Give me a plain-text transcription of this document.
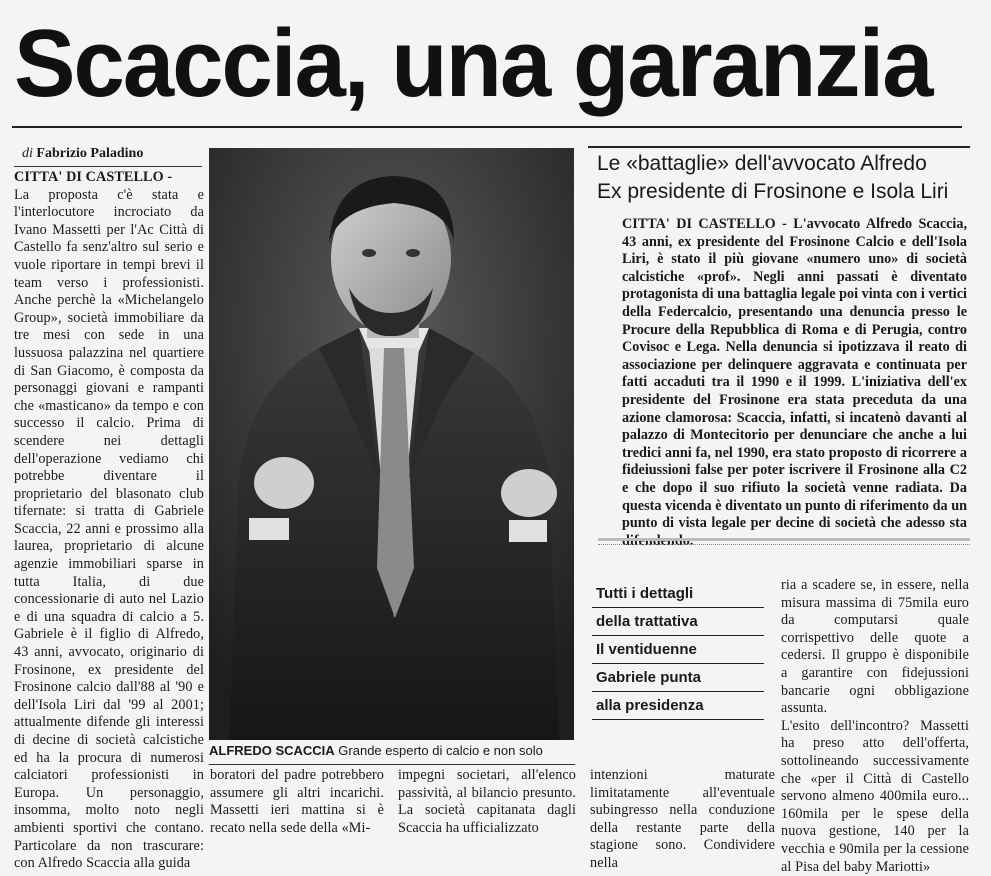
Scaccia, una garanzia
di Fabrizio Paladino
CITTA' DI CASTELLO -
La proposta c'è stata e l'interlocutore incrociato da Ivano Massetti per l'Ac Città di Castello fa senz'altro sul serio e vuole riportare in tempi brevi il team verso i professionisti. Anche perchè la «Michelangelo Group», società immobiliare da tre mesi con sede in una lussuosa palazzina nel quartiere di San Giacomo, è composta da personaggi giovani e rampanti che «masticano» da tempo e con successo il calcio. Prima di scendere nei dettagli dell'operazione vediamo chi potrebbe diventare il proprietario del blasonato club tifernate: si tratta di Gabriele Scaccia, 22 anni e prossimo alla laurea, proprietario di alcune agenzie immobiliari sparse in tutta Italia, di due concessionarie di auto nel Lazio e di una squadra di calcio a 5. Gabriele è il figlio di Alfredo, 43 anni, avvocato, originario di Frosinone, ex presidente del Frosinone calcio dall'88 al '90 e dell'Isola Liri dal '99 al 2001; attualmente difende gli interessi di decine di società calcistiche ed ha la procura di numerosi calciatori professionisti in Europa. Un personaggio, insomma, molto noto negli ambienti sportivi che contano. Particolare da non trascurare: con Alfredo Scaccia alla guida
ALFREDO SCACCIA Grande esperto di calcio e non solo
boratori del padre potrebbero assumere gli altri incarichi. Massetti ieri mattina si è recato nella sede della «Mi-
impegni societari, all'elenco passività, al bilancio presunto. La società capitanata dagli Scaccia ha ufficializzato
Le «battaglie» dell'avvocato Alfredo
Ex presidente di Frosinone e Isola Liri
CITTA' DI CASTELLO - L'avvocato Alfredo Scaccia, 43 anni, ex presidente del Frosinone Calcio e dell'Isola Liri, è stato il più giovane «numero uno» di società calcistiche «prof». Negli anni passati è diventato protagonista di una battaglia legale poi vinta con i vertici della Federcalcio, presentando una denuncia presso le Procure della Repubblica di Roma e di Perugia, contro Covisoc e Lega. Nella denuncia si ipotizzava il reato di associazione per delinquere aggravata e continuata per fatti accaduti tra il 1990 e il 1999. L'iniziativa dell'ex presidente del Frosinone era stata preceduta da una azione clamorosa: Scaccia, infatti, si incatenò davanti al palazzo di Montecitorio per denunciare che anche a lui tredici anni fa, nel 1990, era stato proposto di ricorrere a fideiussioni false per poter iscrivere il Frosinone alla C2 e che dopo il suo rifiuto la società venne radiata. Da questa vicenda è diventato un punto di riferimento da un punto di vista legale per decine di società che adesso sta
Tutti i dettagli
della trattativa
Il ventiduenne
Gabriele punta
alla presidenza
intenzioni maturate limitatamente all'eventuale subingresso nella conduzione della restante parte della stagione sono. Condividere nella
ria a scadere se, in essere, nella misura massima di 75mila euro da computarsi quale corrispettivo delle quote a cedersi. Il gruppo è disponibile a garantire con fidejussioni bancarie ogni obbligazione assunta.
L'esito dell'incontro? Massetti ha preso atto dell'offerta, sottolineando successivamente che «per il Città di Castello servono almeno 400mila euro... 160mila per le spese della nuova gestione, 140 per la vecchia e 90mila per la cessione al Pisa del baby Mariotti»
